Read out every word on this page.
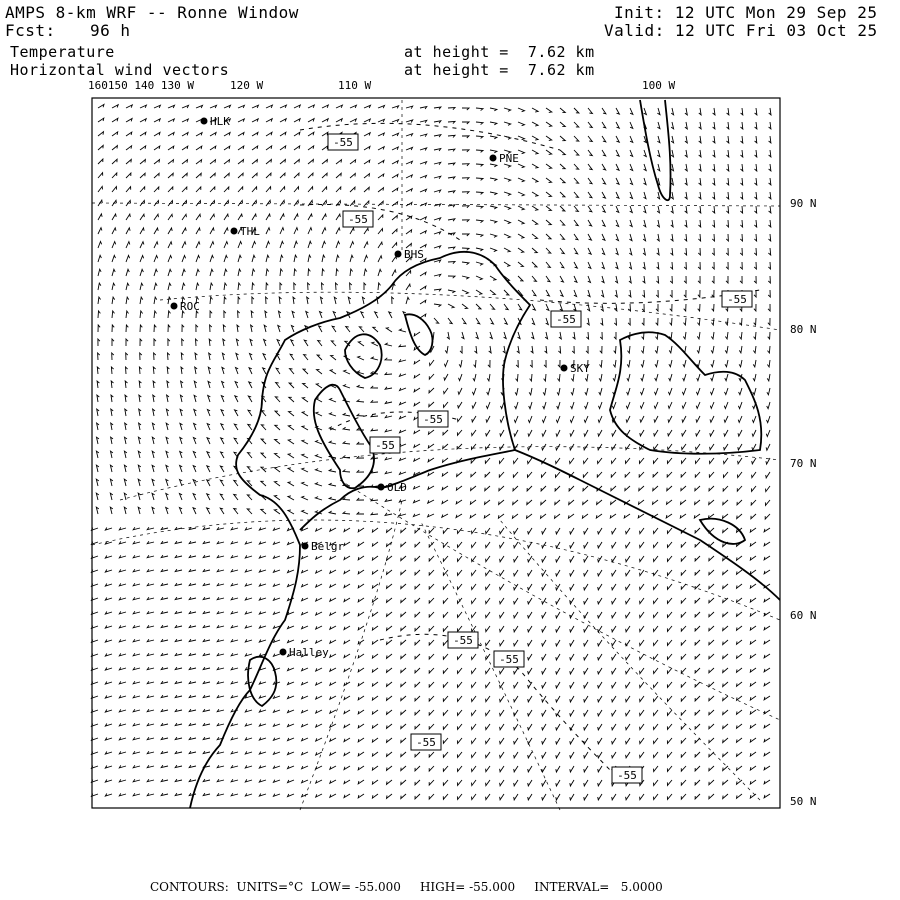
AMPS 8-km WRF -- Ronne Window
Fcst: 96 h
Init: 12 UTC Mon 29 Sep 25
Valid: 12 UTC Fri 03 Oct 25
Temperature
Horizontal wind vectors
at height =  7.62 km
at height =  7.62 km
160150 140 130 W	120 W	110 W	100 W
90 N
80 N
70 N
60 N
50 N
HLK
PNE
THL
BHS
ROC
SKY
OLD
Belgr
Halley
-55
-55
-55
-55
-55
-55
-55
-55
-55
-55
CONTOURS:  UNITS=°C  LOW= -55.000     HIGH= -55.000     INTERVAL=   5.0000
